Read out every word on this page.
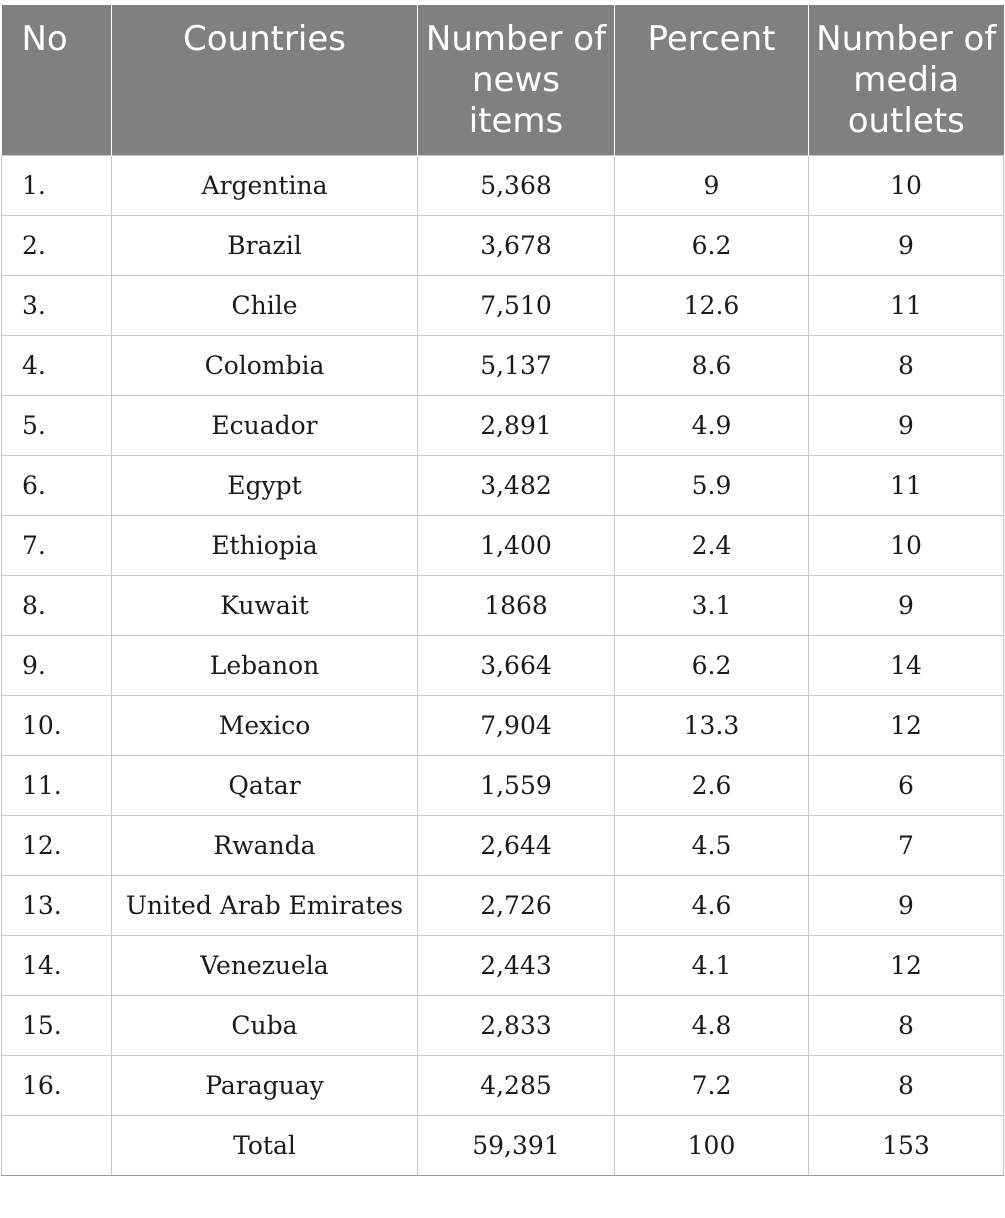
No	Countries	Number of news items	Percent	Number of media outlets
1.	Argentina	5,368	9	10
2.	Brazil	3,678	6.2	9
3.	Chile	7,510	12.6	11
4.	Colombia	5,137	8.6	8
5.	Ecuador	2,891	4.9	9
6.	Egypt	3,482	5.9	11
7.	Ethiopia	1,400	2.4	10
8.	Kuwait	1868	3.1	9
9.	Lebanon	3,664	6.2	14
10.	Mexico	7,904	13.3	12
11.	Qatar	1,559	2.6	6
12.	Rwanda	2,644	4.5	7
13.	United Arab Emirates	2,726	4.6	9
14.	Venezuela	2,443	4.1	12
15.	Cuba	2,833	4.8	8
16.	Paraguay	4,285	7.2	8
	Total	59,391	100	153
